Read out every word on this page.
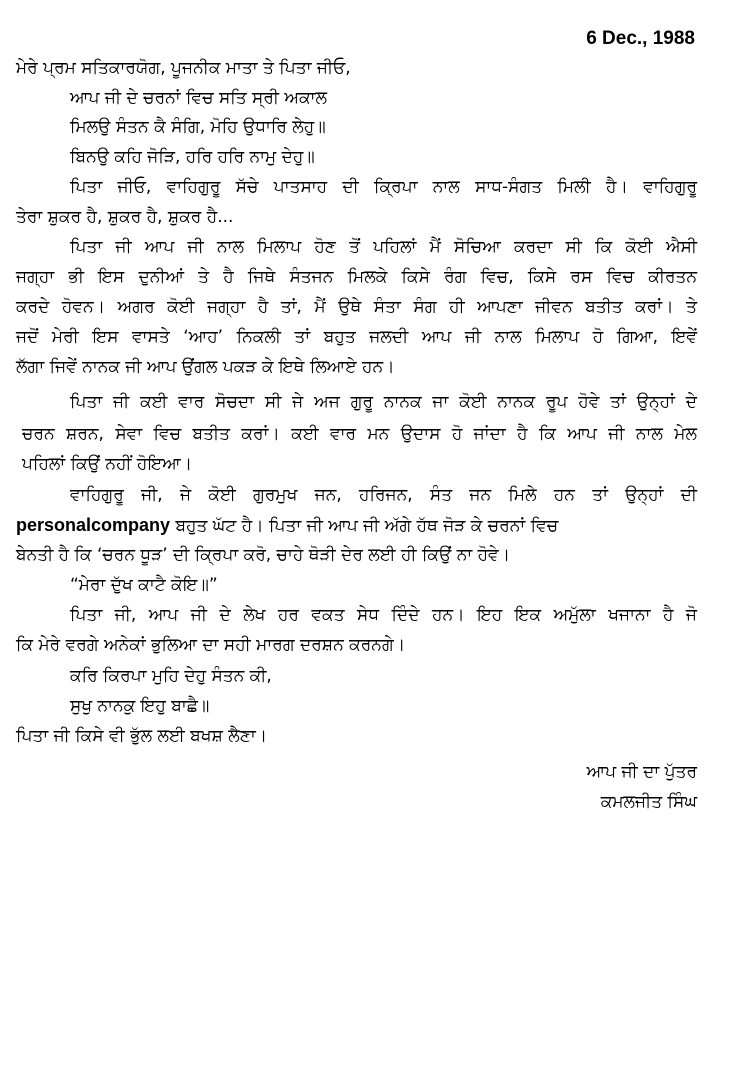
6 Dec., 1988
ਮੇਰੇ ਪ੍ਰਮ ਸਤਿਕਾਰਯੋਗ, ਪੂਜਨੀਕ ਮਾਤਾ ਤੇ ਪਿਤਾ ਜੀਓ,
ਆਪ ਜੀ ਦੇ ਚਰਨਾਂ ਵਿਚ ਸਤਿ ਸ੍ਰੀ ਅਕਾਲ
ਮਿਲਉ ਸੰਤਨ ਕੈ ਸੰਗਿ, ਮੋਹਿ ਉਧਾਰਿ ਲੇਹੁ॥
ਬਿਨਉ ਕਹਿ ਜੋੜਿ, ਹਰਿ ਹਰਿ ਨਾਮੁ ਦੇਹੁ॥
ਪਿਤਾ ਜੀਓ, ਵਾਹਿਗੁਰੂ ਸੱਚੇ ਪਾਤਸਾਹ ਦੀ ਕ੍ਰਿਪਾ ਨਾਲ ਸਾਧ-ਸੰਗਤ ਮਿਲੀ ਹੈ। ਵਾਹਿਗੁਰੂ
ਤੇਰਾ ਸ਼ੁਕਰ ਹੈ, ਸ਼ੁਕਰ ਹੈ, ਸ਼ੁਕਰ ਹੈ...
ਪਿਤਾ ਜੀ ਆਪ ਜੀ ਨਾਲ ਮਿਲਾਪ ਹੋਣ ਤੋਂ ਪਹਿਲਾਂ ਮੈਂ ਸੋਚਿਆ ਕਰਦਾ ਸੀ ਕਿ ਕੋਈ ਐਸੀ
ਜਗ੍ਹਾ ਭੀ ਇਸ ਦੁਨੀਆਂ ਤੇ ਹੈ ਜਿਥੇ ਸੰਤਜਨ ਮਿਲਕੇ ਕਿਸੇ ਰੰਗ ਵਿਚ, ਕਿਸੇ ਰਸ ਵਿਚ ਕੀਰਤਨ
ਕਰਦੇ ਹੋਵਨ। ਅਗਰ ਕੋਈ ਜਗ੍ਹਾ ਹੈ ਤਾਂ, ਮੈਂ ਉਥੇ ਸੰਤਾ ਸੰਗ ਹੀ ਆਪਣਾ ਜੀਵਨ ਬਤੀਤ ਕਰਾਂ। ਤੇ
ਜਦੋਂ ਮੇਰੀ ਇਸ ਵਾਸਤੇ ‘ਆਹ’ ਨਿਕਲੀ ਤਾਂ ਬਹੁਤ ਜਲਦੀ ਆਪ ਜੀ ਨਾਲ ਮਿਲਾਪ ਹੋ ਗਿਆ, ਇਵੇਂ
ਲੱਗਾ ਜਿਵੇਂ ਨਾਨਕ ਜੀ ਆਪ ਉਂਗਲ ਪਕੜ ਕੇ ਇਥੇ ਲਿਆਏ ਹਨ।
ਪਿਤਾ ਜੀ ਕਈ ਵਾਰ ਸੋਚਦਾ ਸੀ ਜੇ ਅਜ ਗੁਰੂ ਨਾਨਕ ਜਾ ਕੋਈ ਨਾਨਕ ਰੂਪ ਹੋਵੇ ਤਾਂ ਉਨ੍ਹਾਂ ਦੇ
ਚਰਨ ਸ਼ਰਨ, ਸੇਵਾ ਵਿਚ ਬਤੀਤ ਕਰਾਂ। ਕਈ ਵਾਰ ਮਨ ਉਦਾਸ ਹੋ ਜਾਂਦਾ ਹੈ ਕਿ ਆਪ ਜੀ ਨਾਲ ਮੇਲ
ਪਹਿਲਾਂ ਕਿਉਂ ਨਹੀਂ ਹੋਇਆ।
ਵਾਹਿਗੁਰੂ ਜੀ, ਜੇ ਕੋਈ ਗੁਰਮੁਖ ਜਨ, ਹਰਿਜਨ, ਸੰਤ ਜਨ ਮਿਲੇ ਹਨ ਤਾਂ ਉਨ੍ਹਾਂ ਦੀ
personalcompany ਬਹੁਤ ਘੱਟ ਹੈ। ਪਿਤਾ ਜੀ ਆਪ ਜੀ ਅੱਗੇ ਹੱਥ ਜੋੜ ਕੇ ਚਰਨਾਂ ਵਿਚ
ਬੇਨਤੀ ਹੈ ਕਿ ‘ਚਰਨ ਧੂੜ’ ਦੀ ਕ੍ਰਿਪਾ ਕਰੋ, ਚਾਹੇ ਥੋੜੀ ਦੇਰ ਲਈ ਹੀ ਕਿਉਂ ਨਾ ਹੋਵੇ।
“ਮੇਰਾ ਦੁੱਖ ਕਾਟੈ ਕੋਇ॥”
ਪਿਤਾ ਜੀ, ਆਪ ਜੀ ਦੇ ਲੇਖ ਹਰ ਵਕਤ ਸੇਧ ਦਿੰਦੇ ਹਨ। ਇਹ ਇਕ ਅਮੁੱਲਾ ਖਜਾਨਾ ਹੈ ਜੋ
ਕਿ ਮੇਰੇ ਵਰਗੇ ਅਨੇਕਾਂ ਭੁਲਿਆ ਦਾ ਸਹੀ ਮਾਰਗ ਦਰਸ਼ਨ ਕਰਨਗੇ।
ਕਰਿ ਕਿਰਪਾ ਮੁਹਿ ਦੇਹੁ ਸੰਤਨ ਕੀ,
ਸੁਖੁ ਨਾਨਕੁ ਇਹੁ ਬਾਛੈ॥
ਪਿਤਾ ਜੀ ਕਿਸੇ ਵੀ ਭੁੱਲ ਲਈ ਬਖਸ਼ ਲੈਣਾ।
ਆਪ ਜੀ ਦਾ ਪੁੱਤਰ
ਕਮਲਜੀਤ ਸਿੰਘ
